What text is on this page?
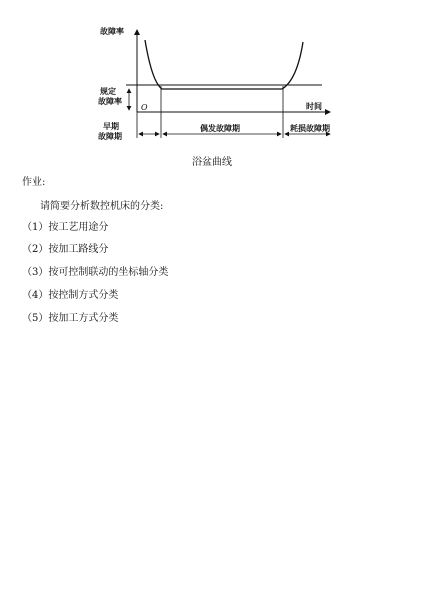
故障率
规定
故障率
O	时间
早期
故障期
偶发故障期	耗损故障期
浴盆曲线
作业:
请简要分析数控机床的分类:
（1）按工艺用途分
（2）按加工路线分
（3）按可控制联动的坐标轴分类
（4）按控制方式分类
（5）按加工方式分类
